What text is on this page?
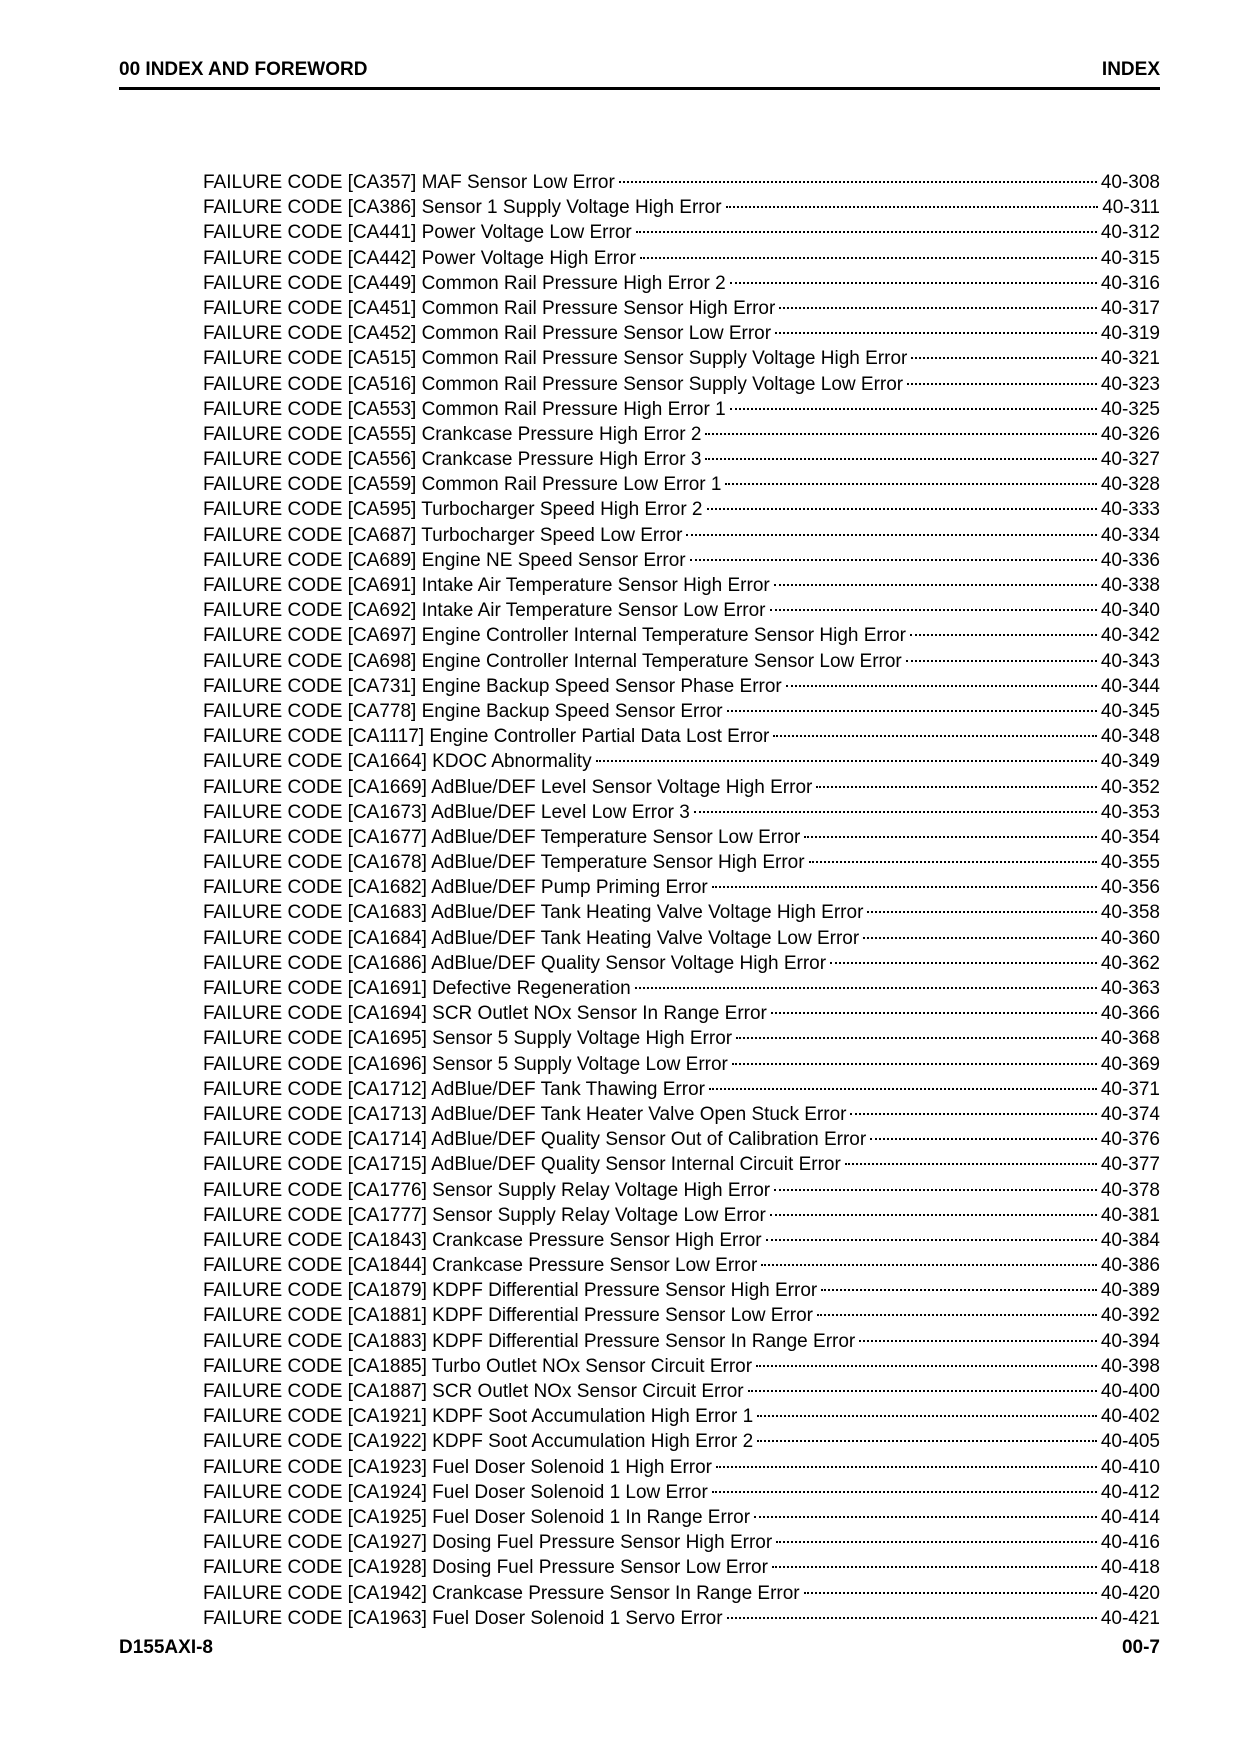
00 INDEX AND FOREWORD	INDEX
FAILURE CODE [CA357] MAF Sensor Low Error	40-308
FAILURE CODE [CA386] Sensor 1 Supply Voltage High Error	40-311
FAILURE CODE [CA441] Power Voltage Low Error	40-312
FAILURE CODE [CA442] Power Voltage High Error	40-315
FAILURE CODE [CA449] Common Rail Pressure High Error 2	40-316
FAILURE CODE [CA451] Common Rail Pressure Sensor High Error	40-317
FAILURE CODE [CA452] Common Rail Pressure Sensor Low Error	40-319
FAILURE CODE [CA515] Common Rail Pressure Sensor Supply Voltage High Error	40-321
FAILURE CODE [CA516] Common Rail Pressure Sensor Supply Voltage Low Error	40-323
FAILURE CODE [CA553] Common Rail Pressure High Error 1	40-325
FAILURE CODE [CA555] Crankcase Pressure High Error 2	40-326
FAILURE CODE [CA556] Crankcase Pressure High Error 3	40-327
FAILURE CODE [CA559] Common Rail Pressure Low Error 1	40-328
FAILURE CODE [CA595] Turbocharger Speed High Error 2	40-333
FAILURE CODE [CA687] Turbocharger Speed Low Error	40-334
FAILURE CODE [CA689] Engine NE Speed Sensor Error	40-336
FAILURE CODE [CA691] Intake Air Temperature Sensor High Error	40-338
FAILURE CODE [CA692] Intake Air Temperature Sensor Low Error	40-340
FAILURE CODE [CA697] Engine Controller Internal Temperature Sensor High Error	40-342
FAILURE CODE [CA698] Engine Controller Internal Temperature Sensor Low Error	40-343
FAILURE CODE [CA731] Engine Backup Speed Sensor Phase Error	40-344
FAILURE CODE [CA778] Engine Backup Speed Sensor Error	40-345
FAILURE CODE [CA1117] Engine Controller Partial Data Lost Error	40-348
FAILURE CODE [CA1664] KDOC Abnormality	40-349
FAILURE CODE [CA1669] AdBlue/DEF Level Sensor Voltage High Error	40-352
FAILURE CODE [CA1673] AdBlue/DEF Level Low Error 3	40-353
FAILURE CODE [CA1677] AdBlue/DEF Temperature Sensor Low Error	40-354
FAILURE CODE [CA1678] AdBlue/DEF Temperature Sensor High Error	40-355
FAILURE CODE [CA1682] AdBlue/DEF Pump Priming Error	40-356
FAILURE CODE [CA1683] AdBlue/DEF Tank Heating Valve Voltage High Error	40-358
FAILURE CODE [CA1684] AdBlue/DEF Tank Heating Valve Voltage Low Error	40-360
FAILURE CODE [CA1686] AdBlue/DEF Quality Sensor Voltage High Error	40-362
FAILURE CODE [CA1691] Defective Regeneration	40-363
FAILURE CODE [CA1694] SCR Outlet NOx Sensor In Range Error	40-366
FAILURE CODE [CA1695] Sensor 5 Supply Voltage High Error	40-368
FAILURE CODE [CA1696] Sensor 5 Supply Voltage Low Error	40-369
FAILURE CODE [CA1712] AdBlue/DEF Tank Thawing Error	40-371
FAILURE CODE [CA1713] AdBlue/DEF Tank Heater Valve Open Stuck Error	40-374
FAILURE CODE [CA1714] AdBlue/DEF Quality Sensor Out of Calibration Error	40-376
FAILURE CODE [CA1715] AdBlue/DEF Quality Sensor Internal Circuit Error	40-377
FAILURE CODE [CA1776] Sensor Supply Relay Voltage High Error	40-378
FAILURE CODE [CA1777] Sensor Supply Relay Voltage Low Error	40-381
FAILURE CODE [CA1843] Crankcase Pressure Sensor High Error	40-384
FAILURE CODE [CA1844] Crankcase Pressure Sensor Low Error	40-386
FAILURE CODE [CA1879] KDPF Differential Pressure Sensor High Error	40-389
FAILURE CODE [CA1881] KDPF Differential Pressure Sensor Low Error	40-392
FAILURE CODE [CA1883] KDPF Differential Pressure Sensor In Range Error	40-394
FAILURE CODE [CA1885] Turbo Outlet NOx Sensor Circuit Error	40-398
FAILURE CODE [CA1887] SCR Outlet NOx Sensor Circuit Error	40-400
FAILURE CODE [CA1921] KDPF Soot Accumulation High Error 1	40-402
FAILURE CODE [CA1922] KDPF Soot Accumulation High Error 2	40-405
FAILURE CODE [CA1923] Fuel Doser Solenoid 1 High Error	40-410
FAILURE CODE [CA1924] Fuel Doser Solenoid 1 Low Error	40-412
FAILURE CODE [CA1925] Fuel Doser Solenoid 1 In Range Error	40-414
FAILURE CODE [CA1927] Dosing Fuel Pressure Sensor High Error	40-416
FAILURE CODE [CA1928] Dosing Fuel Pressure Sensor Low Error	40-418
FAILURE CODE [CA1942] Crankcase Pressure Sensor In Range Error	40-420
FAILURE CODE [CA1963] Fuel Doser Solenoid 1 Servo Error	40-421
D155AXI-8	00-7
